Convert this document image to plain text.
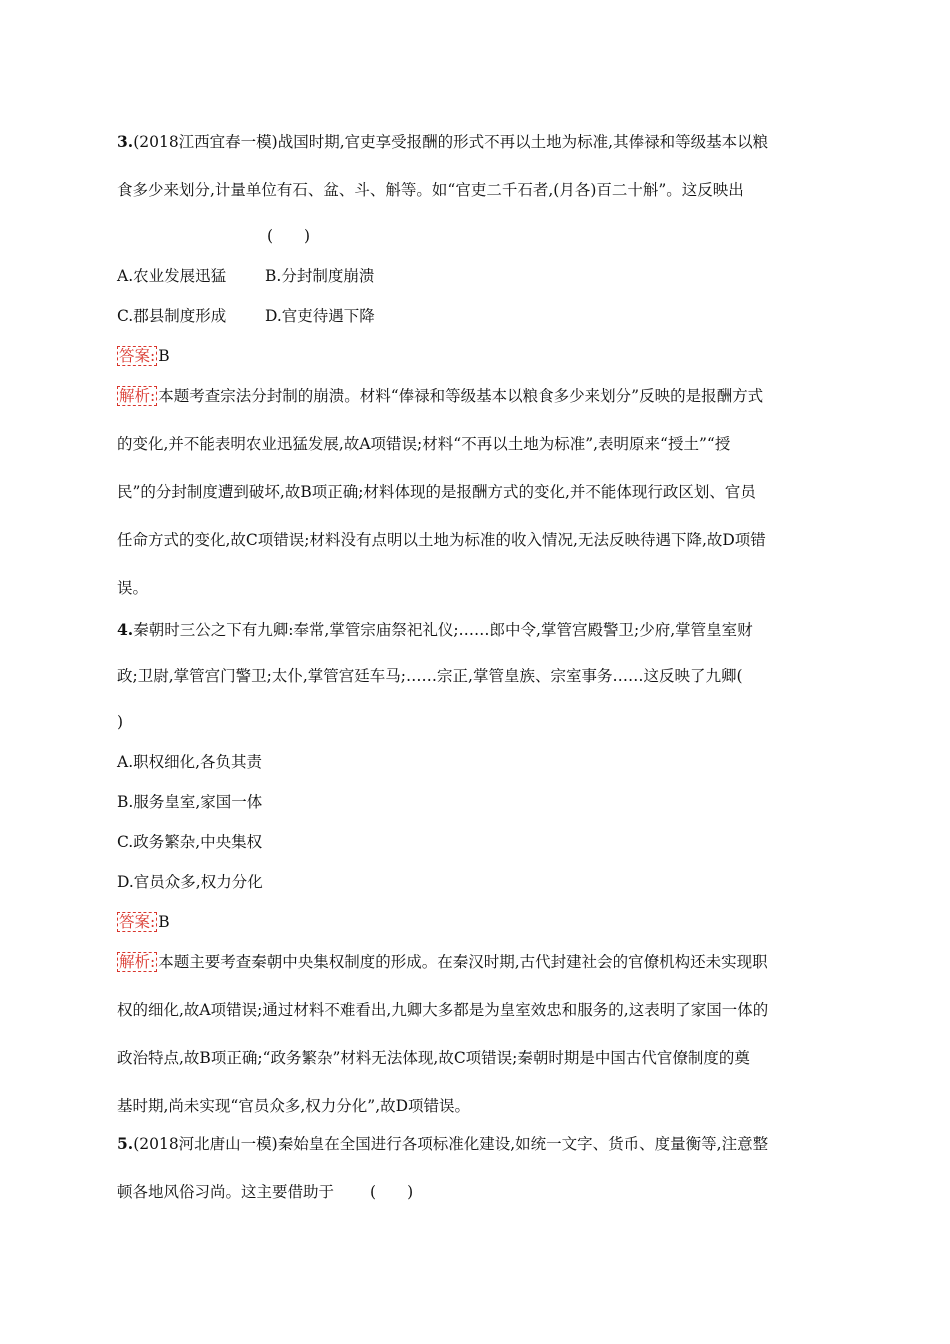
3.(2018江西宜春一模)战国时期,官吏享受报酬的形式不再以土地为标准,其俸禄和等级基本以粮
食多少来划分,计量单位有石、盆、斗、斛等。如“官吏二千石者,(月各)百二十斛”。这反映出
(　　)
A.农业发展迅猛	B.分封制度崩溃
C.郡县制度形成	D.官吏待遇下降
答案: B
解析: 本题考查宗法分封制的崩溃。材料“俸禄和等级基本以粮食多少来划分”反映的是报酬方式
的变化,并不能表明农业迅猛发展,故A项错误;材料“不再以土地为标准”,表明原来“授土”“授
民”的分封制度遭到破坏,故B项正确;材料体现的是报酬方式的变化,并不能体现行政区划、官员
任命方式的变化,故C项错误;材料没有点明以土地为标准的收入情况,无法反映待遇下降,故D项错
误。
4.秦朝时三公之下有九卿:奉常,掌管宗庙祭祀礼仪;……郎中令,掌管宫殿警卫;少府,掌管皇室财
政;卫尉,掌管宫门警卫;太仆,掌管宫廷车马;……宗正,掌管皇族、宗室事务……这反映了九卿(
)
A.职权细化,各负其责
B.服务皇室,家国一体
C.政务繁杂,中央集权
D.官员众多,权力分化
答案: B
解析: 本题主要考查秦朝中央集权制度的形成。在秦汉时期,古代封建社会的官僚机构还未实现职
权的细化,故A项错误;通过材料不难看出,九卿大多都是为皇室效忠和服务的,这表明了家国一体的
政治特点,故B项正确;“政务繁杂”材料无法体现,故C项错误;秦朝时期是中国古代官僚制度的奠
基时期,尚未实现“官员众多,权力分化”,故D项错误。
5.(2018河北唐山一模)秦始皇在全国进行各项标准化建设,如统一文字、货币、度量衡等,注意整
顿各地风俗习尚。这主要借助于 (　　)
